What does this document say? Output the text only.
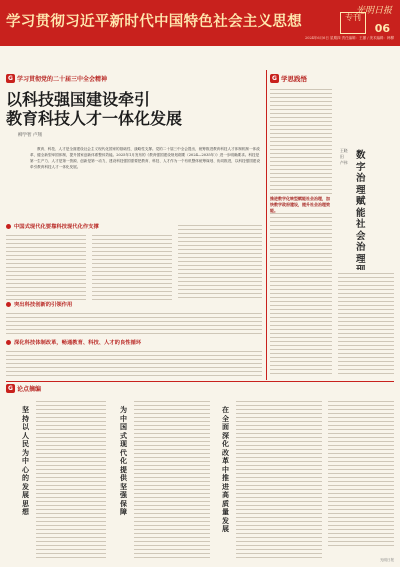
学习贯彻习近平新时代中国特色社会主义思想	专刊
光明日报
06
2024年6月6日 星期四 责任编辑：王灏 / 美术编辑：韩柳
G 学习贯彻党的二十届三中全会精神	G 学思践悟
以科技强国建设牵引
教育科技人才一体化发展
柳学智 卢翔
教育、科技、人才是全面建设社会主义现代化国家的基础性、战略性支撑。党的二十届三中全会提出，统筹推进教育科技人才体制机制一体改革，健全新型举国体制，提升国家创新体系整体效能。2025年1月发布的《教育强国建设规划纲要（2024—2035年）》进一步明确要求。科技是第一生产力、人才是第一资源、创新是第一动力，建设科技强国需要把教育、科技、人才作为一个有机整体统筹谋划、协同推进，以科技强国建设牵引教育科技人才一体化发展。
中国式现代化要靠科技现代化作支撑
突出科技创新的引领作用
深化科技体制改革，畅通教育、科技、人才的良性循环
推进数字化转型赋能社会治理，加快数字政府建设，提升社会治理效能。
王晓田 卢伟
数字治理赋能社会治理
G 论点摘编
坚持以人民为中心的发展思想
为中国式现代化提供坚强保障
在全面深化改革中推进高质量发展
光明日报
